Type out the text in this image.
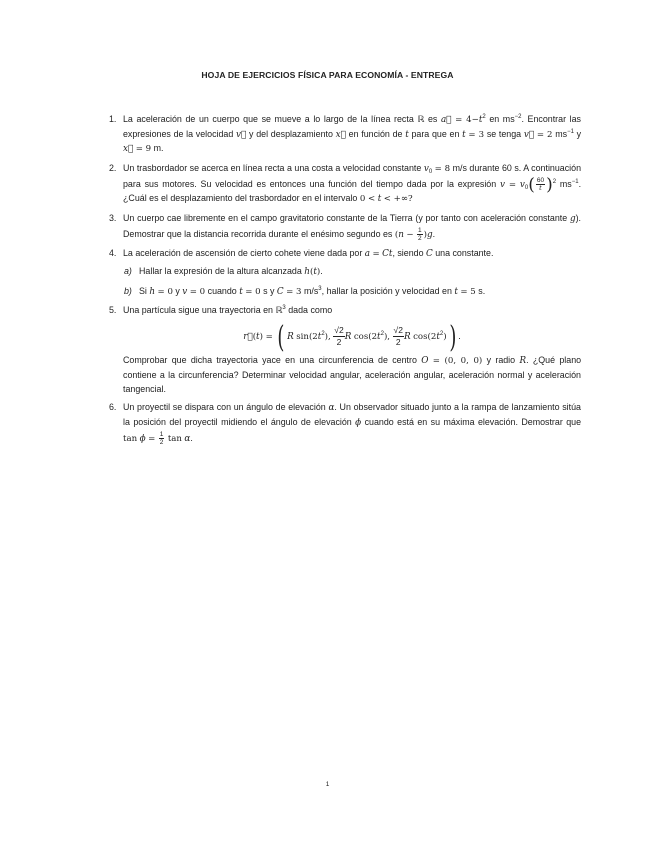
HOJA DE EJERCICIOS FÍSICA PARA ECONOMÍA - ENTREGA
1. La aceleración de un cuerpo que se mueve a lo largo de la línea recta ℝ es a⃗ = $4-t^2$ en $ms^{-2}$. Encontrar las expresiones de la velocidad v⃗ y del desplazamiento x⃗ en función de t para que en t = 3 se tenga v⃗ = 2 $ms^{-1}$ y x⃗ = 9 m.
2. Un trasbordador se acerca en línea recta a una costa a velocidad constante $v_0 = 8$ m/s durante 60 s. A continuación para sus motores. Su velocidad es entonces una función del tiempo dada por la expresión $v = v_0( \frac{60}{t} )^2$ $ms^{-1}$. ¿Cuál es el desplazamiento del trasbordador en el intervalo 0 < t < +∞?
3. Un cuerpo cae libremente en el campo gravitatorio constante de la Tierra (y por tanto con aceleración constante g). Demostrar que la distancia recorrida durante el enésimo segundo es $(n - \frac{1}{2} )g$.
4. La aceleración de ascensión de cierto cohete viene dada por a = Ct, siendo C una constante.
a) Hallar la expresión de la altura alcanzada h(t).
b) Si h = 0 y v = 0 cuando t = 0 s y C = 3 $m/s^3$, hallar la posición y velocidad en t = 5 s.
5. Una partícula sigue una trayectoria en ℝ$^3$ dada como
r⃗(t) = ( R $\sin(2t^2)$, $\frac{√2}{2}$ R $\cos(2t^2)$, $\frac{√2}{2}$ R $\cos(2t^2)$) .
Comprobar que dicha trayectoria yace en una circunferencia de centro O = (0, 0, 0) y radio R. ¿Qué plano contiene a la circunferencia? Determinar velocidad angular, aceleración angular, aceleración normal y aceleración tangencial.
6. Un proyectil se dispara con un ángulo de elevación α. Un observador situado junto a la rampa de lanzamiento sitúa la posición del proyectil midiendo el ángulo de elevación ϕ cuando está en su máxima elevación. Demostrar que $\tan \phi = \frac{1}{2}$ tan α.
1
